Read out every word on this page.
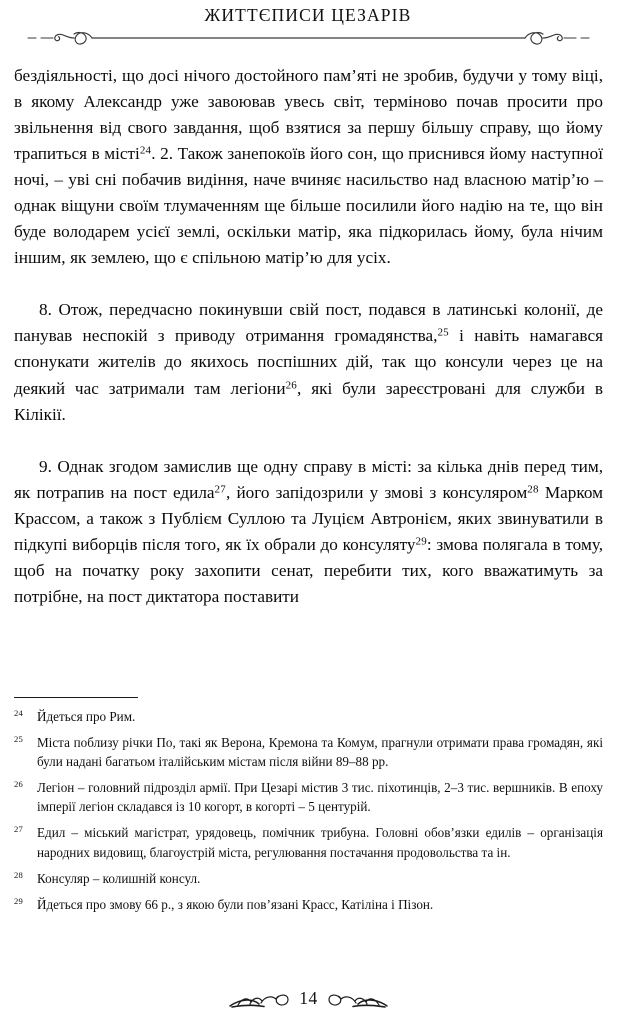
ЖИТТЄПИСИ ЦЕЗАРІВ

бездіяльності, що досі нічого достойного пам’яті не зробив, будучи у тому віці, в якому Александр уже завоював увесь світ, терміново почав просити про звільнення від свого завдання, щоб взятися за першу більшу справу, що йому трапиться в місті$^{24}$. 2. Також занепокоїв його сон, що приснився йому наступної ночі, – уві сні побачив видіння, наче вчиняє насильство над власною матір’ю – однак віщуни своїм тлумаченням ще більше посилили його надію на те, що він буде володарем усієї землі, оскільки матір, яка підкорилась йому, була нічим іншим, як землею, що є спільною матір’ю для усіх.

8. Отож, передчасно покинувши свій пост, подався в латинські колонії, де панував неспокій з приводу отримання громадянства,$^{25}$ і навіть намагався спонукати жителів до якихось поспішних дій, так що консули через це на деякий час затримали там легіони$^{26}$, які були зареєстровані для служби в Кілікії.

9. Однак згодом замислив ще одну справу в місті: за кілька днів перед тим, як потрапив на пост едила$^{27}$, його запідозрили у змові з консуляром$^{28}$ Марком Крассом, а також з Публієм Суллою та Луцієм Автронієм, яких звинуватили в підкупі виборців після того, як їх обрали до консуляту$^{29}$: змова полягала в тому, щоб на початку року захопити сенат, перебити тих, кого вважатимуть за потрібне, на пост диктатора поставити

24 Йдеться про Рим.
25 Міста поблизу річки По, такі як Верона, Кремона та Комум, прагнули отримати права громадян, які були надані багатьом італійським містам після війни 89–88 рр.
26 Легіон – головний підрозділ армії. При Цезарі містив 3 тис. піхотинців, 2–3 тис. вершників. В епоху імперії легіон складався із 10 когорт, в когорті – 5 центурій.
27 Едил – міський магістрат, урядовець, помічник трибуна. Головні обов’язки едилів – організація народних видовищ, благоустрій міста, регулювання постачання продовольства та ін.
28 Консуляр – колишній консул.
29 Йдеться про змову 66 р., з якою були пов’язані Красс, Катіліна і Пізон.
14
